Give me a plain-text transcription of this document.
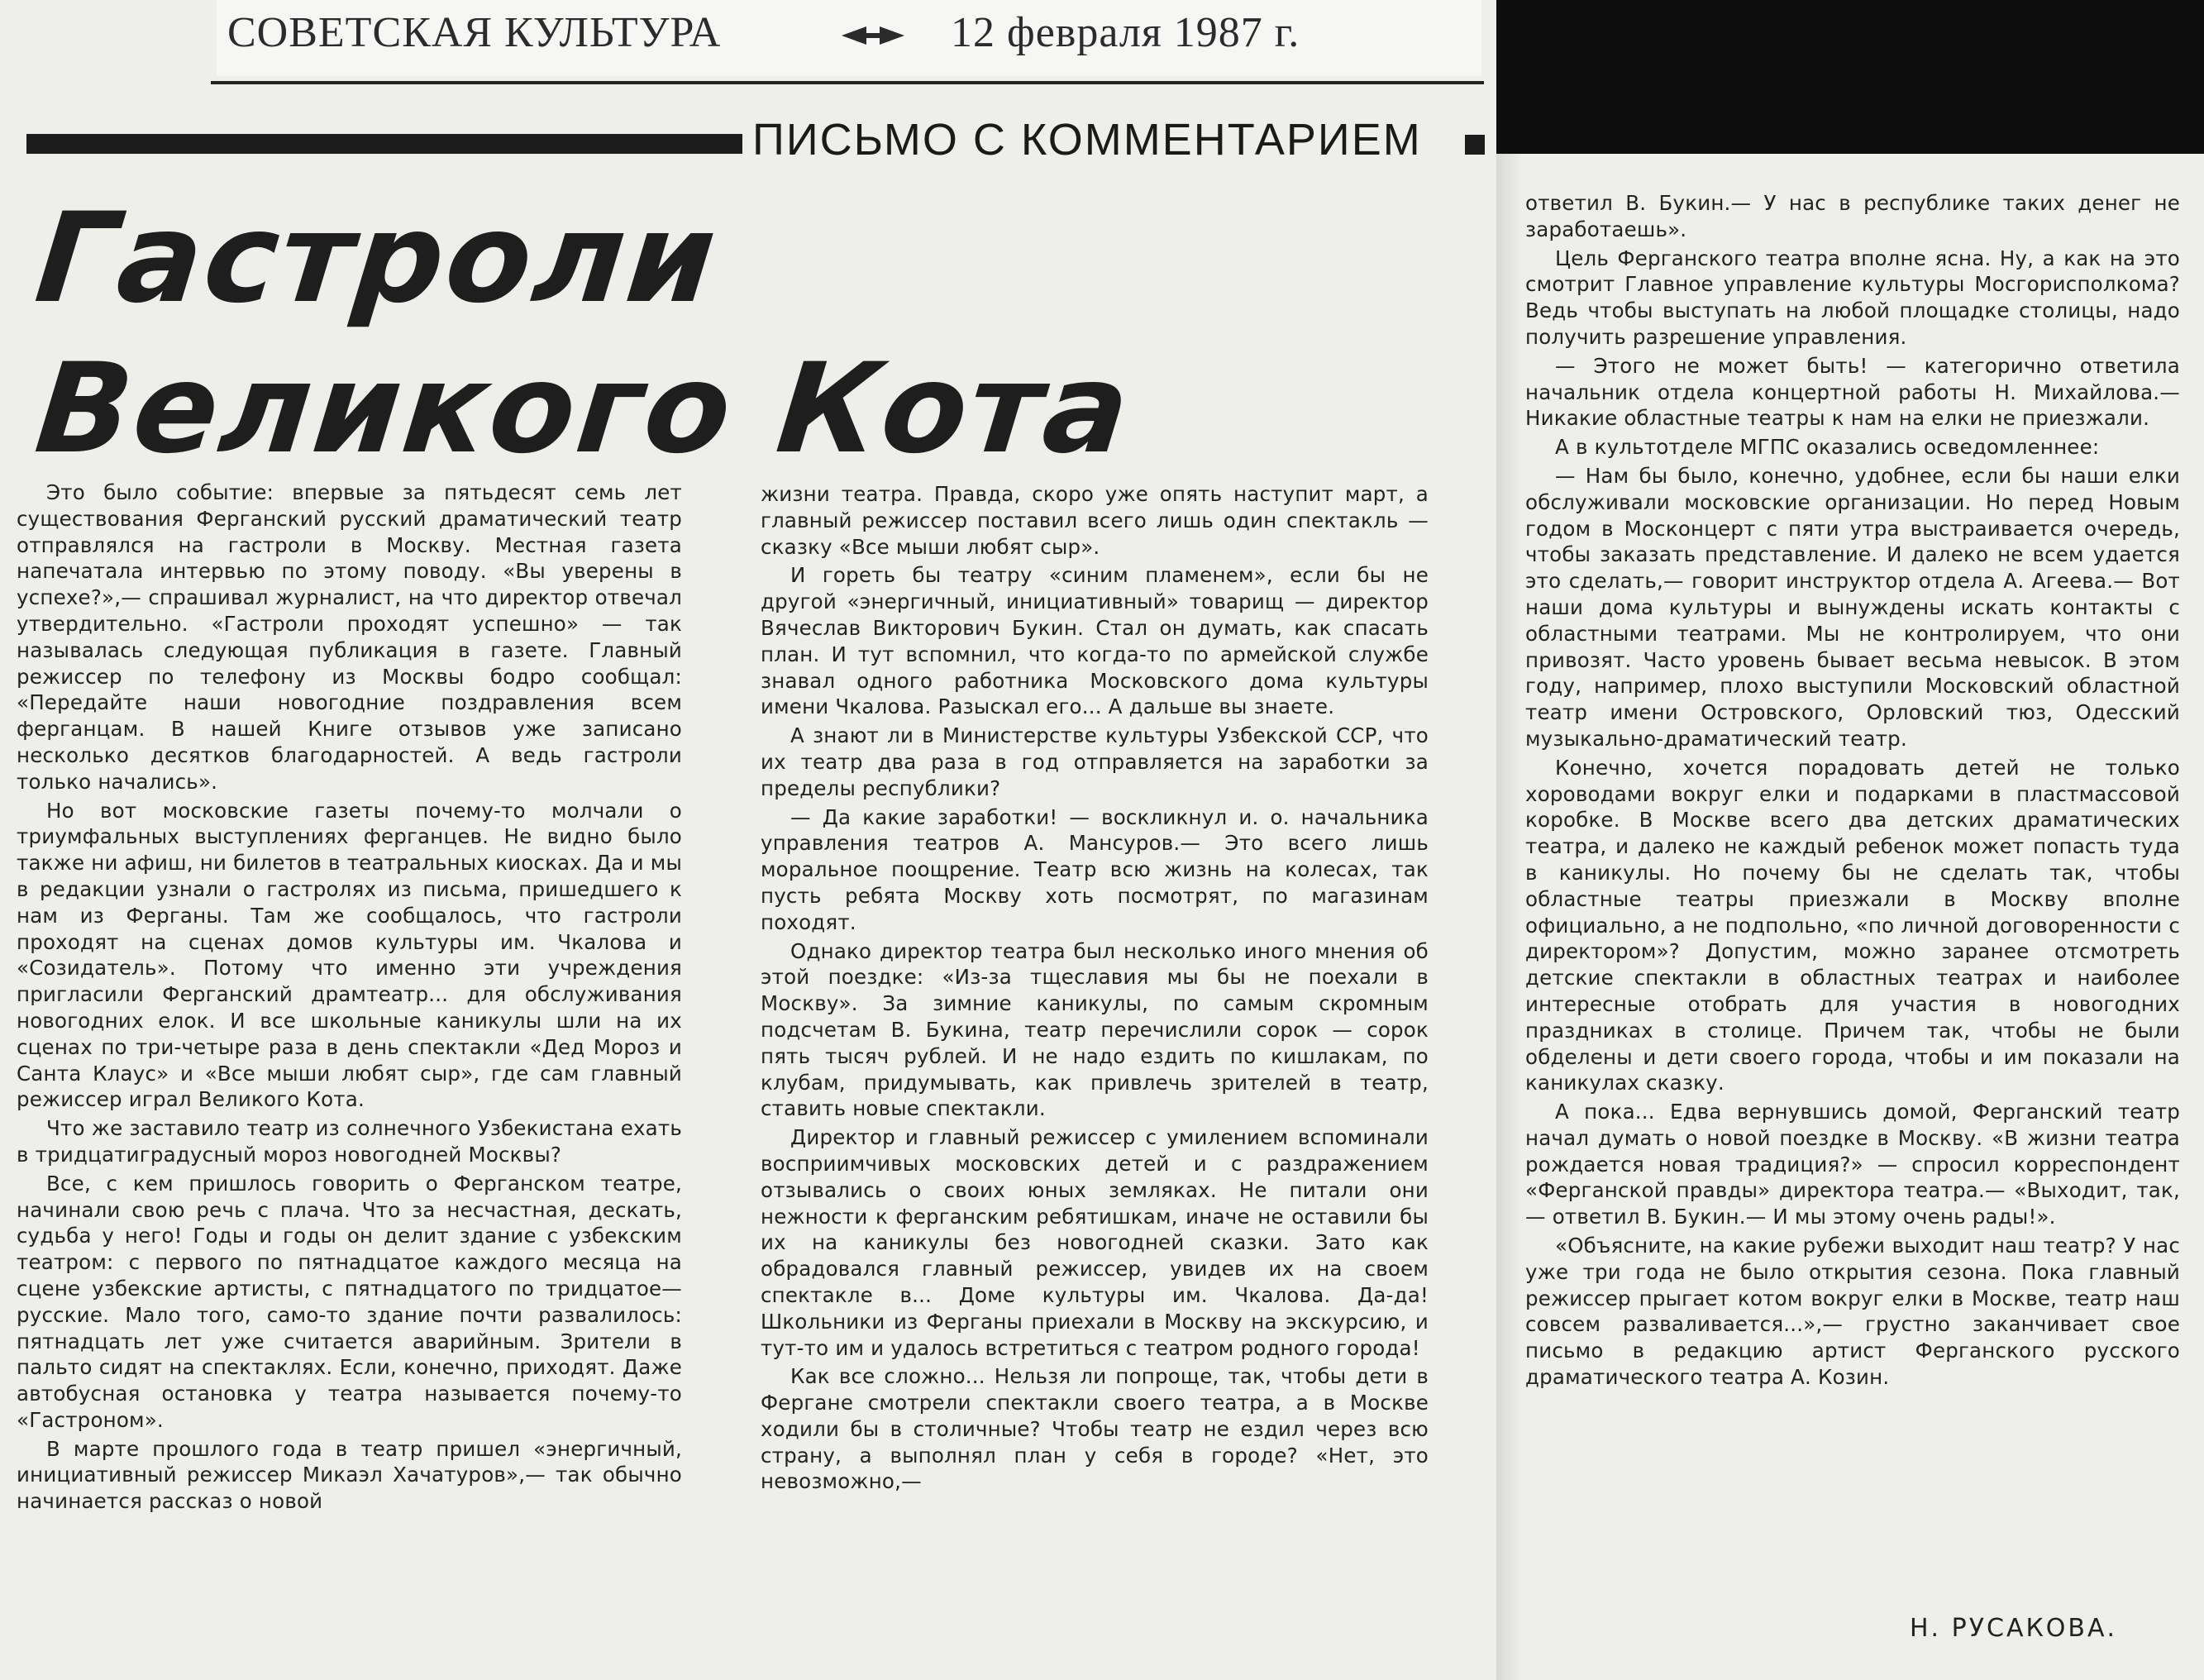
СОВЕТСКАЯ КУЛЬТУРА	12 февраля 1987 г.
ПИСЬМО С КОММЕНТАРИЕМ
Гастроли
Великого Кота

Это было событие: впервые за пятьдесят семь лет существования Ферганский русский драматический театр отправлялся на гастроли в Москву. Местная газета напечатала интервью по этому поводу. «Вы уверены в успехе?»,— спрашивал журналист, на что директор отвечал утвердительно. «Гастроли проходят успешно» — так называлась следующая публикация в газете. Главный режиссер по телефону из Москвы бодро сообщал: «Передайте наши новогодние поздравления всем ферганцам. В нашей Книге отзывов уже записано несколько десятков благодарностей. А ведь гастроли только начались».

Но вот московские газеты почему-то молчали о триумфальных выступлениях ферганцев. Не видно было также ни афиш, ни билетов в театральных киосках. Да и мы в редакции узнали о гастролях из письма, пришедшего к нам из Ферганы. Там же сообщалось, что гастроли проходят на сценах домов культуры им. Чкалова и «Созидатель». Потому что именно эти учреждения пригласили Ферганский драмтеатр... для обслуживания новогодних елок. И все школьные каникулы шли на их сценах по три-четыре раза в день спектакли «Дед Мороз и Санта Клаус» и «Все мыши любят сыр», где сам главный режиссер играл Великого Кота.

Что же заставило театр из солнечного Узбекистана ехать в тридцатиградусный мороз новогодней Москвы?

Все, с кем пришлось говорить о Ферганском театре, начинали свою речь с плача. Что за несчастная, дескать, судьба у него! Годы и годы он делит здание с узбекским театром: с первого по пятнадцатое каждого месяца на сцене узбекские артисты, с пятнадцатого по тридцатое— русские. Мало того, само-то здание почти развалилось: пятнадцать лет уже считается аварийным. Зрители в пальто сидят на спектаклях. Если, конечно, приходят. Даже автобусная остановка у театра называется почему-то «Гастроном».

В марте прошлого года в театр пришел «энергичный, инициативный режиссер Микаэл Хачатуров»,— так обычно начинается рассказ о новой

жизни театра. Правда, скоро уже опять наступит март, а главный режиссер поставил всего лишь один спектакль — сказку «Все мыши любят сыр».

И гореть бы театру «синим пламенем», если бы не другой «энергичный, инициативный» товарищ — директор Вячеслав Викторович Букин. Стал он думать, как спасать план. И тут вспомнил, что когда-то по армейской службе знавал одного работника Московского дома культуры имени Чкалова. Разыскал его... А дальше вы знаете.

А знают ли в Министерстве культуры Узбекской ССР, что их театр два раза в год отправляется на заработки за пределы республики?

— Да какие заработки! — воскликнул и. о. начальника управления театров А. Мансуров.— Это всего лишь моральное поощрение. Театр всю жизнь на колесах, так пусть ребята Москву хоть посмотрят, по магазинам походят.

Однако директор театра был несколько иного мнения об этой поездке: «Из-за тщеславия мы бы не поехали в Москву». За зимние каникулы, по самым скромным подсчетам В. Букина, театр перечислили сорок — сорок пять тысяч рублей. И не надо ездить по кишлакам, по клубам, придумывать, как привлечь зрителей в театр, ставить новые спектакли.

Директор и главный режиссер с умилением вспоминали восприимчивых московских детей и с раздражением отзывались о своих юных земляках. Не питали они нежности к ферганским ребятишкам, иначе не оставили бы их на каникулы без новогодней сказки. Зато как обрадовался главный режиссер, увидев их на своем спектакле в... Доме культуры им. Чкалова. Да-да! Школьники из Ферганы приехали в Москву на экскурсию, и тут-то им и удалось встретиться с театром родного города!

Как все сложно... Нельзя ли попроще, так, чтобы дети в Фергане смотрели спектакли своего театра, а в Москве ходили бы в столичные? Чтобы театр не ездил через всю страну, а выполнял план у себя в городе? «Нет, это невозможно,—

ответил В. Букин.— У нас в республике таких денег не заработаешь».

Цель Ферганского театра вполне ясна. Ну, а как на это смотрит Главное управление культуры Мосгорисполкома? Ведь чтобы выступать на любой площадке столицы, надо получить разрешение управления.

— Этого не может быть! — категорично ответила начальник отдела концертной работы Н. Михайлова.— Никакие областные театры к нам на елки не приезжали.

А в культотделе МГПС оказались осведомленнее:

— Нам бы было, конечно, удобнее, если бы наши елки обслуживали московские организации. Но перед Новым годом в Москонцерт с пяти утра выстраивается очередь, чтобы заказать представление. И далеко не всем удается это сделать,— говорит инструктор отдела А. Агеева.— Вот наши дома культуры и вынуждены искать контакты с областными театрами. Мы не контролируем, что они привозят. Часто уровень бывает весьма невысок. В этом году, например, плохо выступили Московский областной театр имени Островского, Орловский тюз, Одесский музыкально-драматический театр.

Конечно, хочется порадовать детей не только хороводами вокруг елки и подарками в пластмассовой коробке. В Москве всего два детских драматических театра, и далеко не каждый ребенок может попасть туда в каникулы. Но почему бы не сделать так, чтобы областные театры приезжали в Москву вполне официально, а не подпольно, «по личной договоренности с директором»? Допустим, можно заранее отсмотреть детские спектакли в областных театрах и наиболее интересные отобрать для участия в новогодних праздниках в столице. Причем так, чтобы не были обделены и дети своего города, чтобы и им показали на каникулах сказку.

А пока... Едва вернувшись домой, Ферганский театр начал думать о новой поездке в Москву. «В жизни театра рождается новая традиция?» — спросил корреспондент «Ферганской правды» директора театра.— «Выходит, так,— ответил В. Букин.— И мы этому очень рады!».

«Объясните, на какие рубежи выходит наш театр? У нас уже три года не было открытия сезона. Пока главный режиссер прыгает котом вокруг елки в Москве, театр наш совсем разваливается...»,— грустно заканчивает свое письмо в редакцию артист Ферганского русского драматического театра А. Козин.

Н. РУСАКОВА.
